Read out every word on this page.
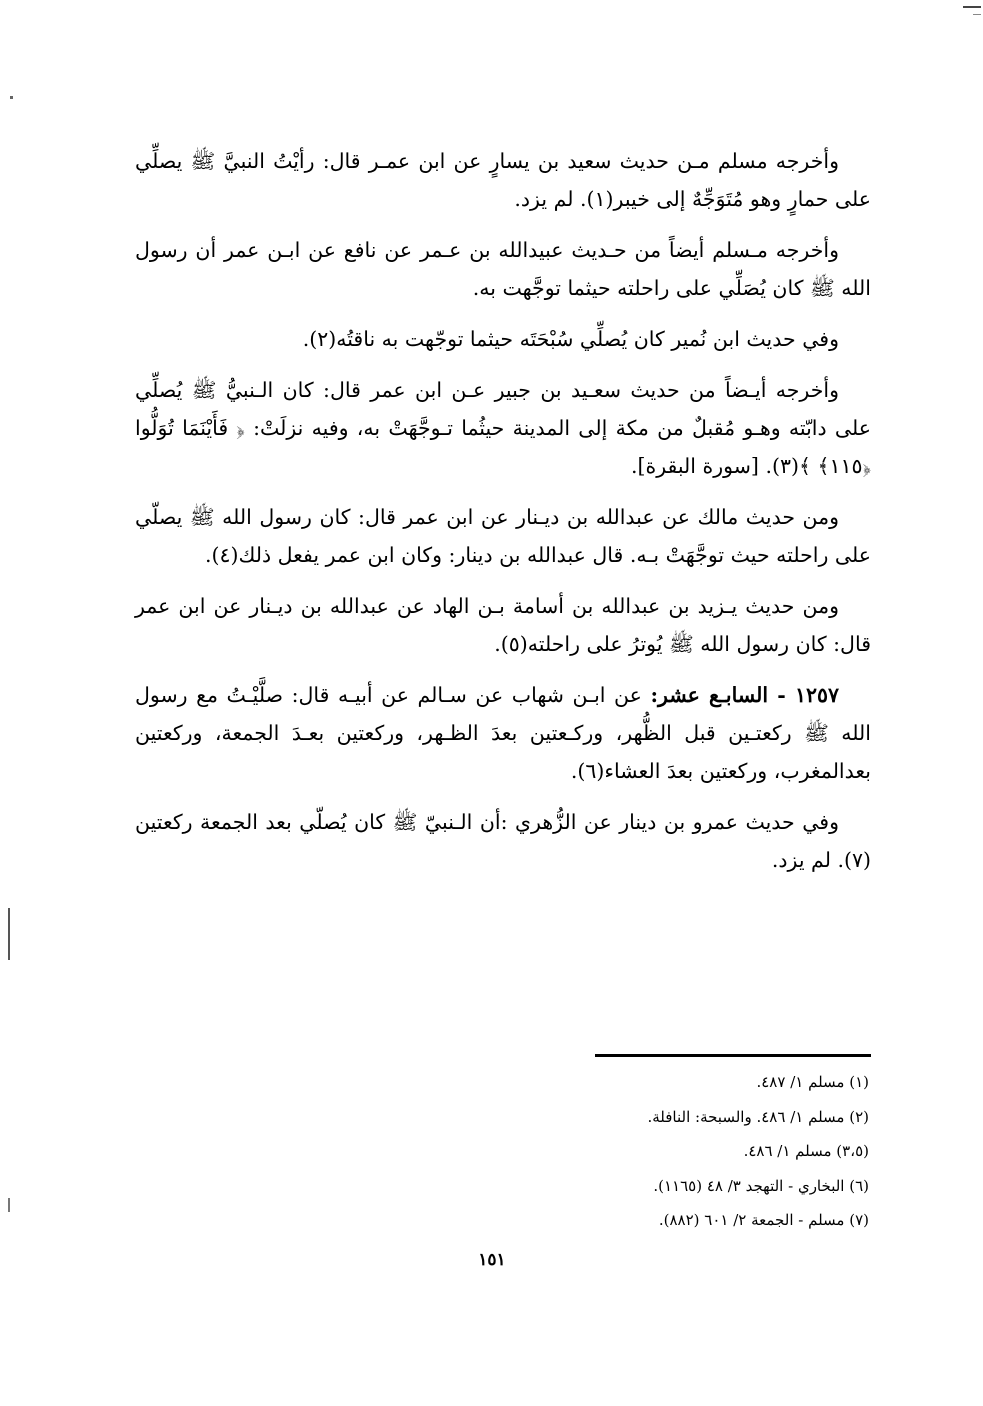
وأخرجه مسلم مـن حديث سعيد بن يسارٍ عن ابن عمـر قال: رأيْتُ النبيَّ ﷺ يصلِّي على حمارٍ وهو مُتَوَجِّهٌ إلى خيبر(١). لم يزد.

وأخرجه مـسلم أيضاً من حـديث عبيدالله بن عـمر عن نافع عن ابـن عمر أن رسول الله ﷺ كان يُصَلِّي على راحلته حيثما توجَّهت به.

وفي حديث ابن نُمير كان يُصلِّي سُبْحَتَه حيثما توجّهت به ناقتُه(٢).

وأخرجه أيـضاً من حديث سعـيد بن جبير عـن ابن عمر قال: كان الـنبيُّ ﷺ يُصلِّي على دابّته وهـو مُقبلٌ من مكة إلى المدينة حيثُما تـوجَّهَتْ به، وفيه نزلَتْ: ﴿ فَأَيْنَمَا تُوَلُّوا ﴿١١٥﴾ ﴾(٣). [سورة البقرة].

ومن حديث مالك عن عبدالله بن ديـنار عن ابن عمر قال: كان رسول الله ﷺ يصلّي على راحلته حيث توجَّهَتْ بـه. قال عبدالله بن دينار: وكان ابن عمر يفعل ذلك(٤).

ومن حديث يـزيد بن عبدالله بن أسامة بـن الهاد عن عبدالله بن ديـنار عن ابن عمر قال: كان رسول الله ﷺ يُوترُ على راحلته(٥).

١٢٥٧ - السابـع عشر: عن ابـن شهاب عن سـالم عن أبيـه قال: صلَّيْـتُ مع رسول الله ﷺ ركعتـين قبل الظُّهر، وركـعتين بعدَ الظـهر، وركعتين بعـدَ الجمعة، وركعتين بعدالمغرب، وركعتين بعدَ العشاء(٦).

وفي حديث عمرو بن دينار عن الزُّهري :أن الـنبيّ ﷺ كان يُصلّي بعد الجمعة ركعتين (٧). لم يزد.

(١) مسلم ١/ ٤٨٧.

(٢) مسلم ١/ ٤٨٦. والسبحة: النافلة.

(٣،٥) مسلم ١/ ٤٨٦.

(٦) البخاري - التهجد ٣/ ٤٨ (١١٦٥).

(٧) مسلم - الجمعة ٢/ ٦٠١ (٨٨٢).

١٥١
